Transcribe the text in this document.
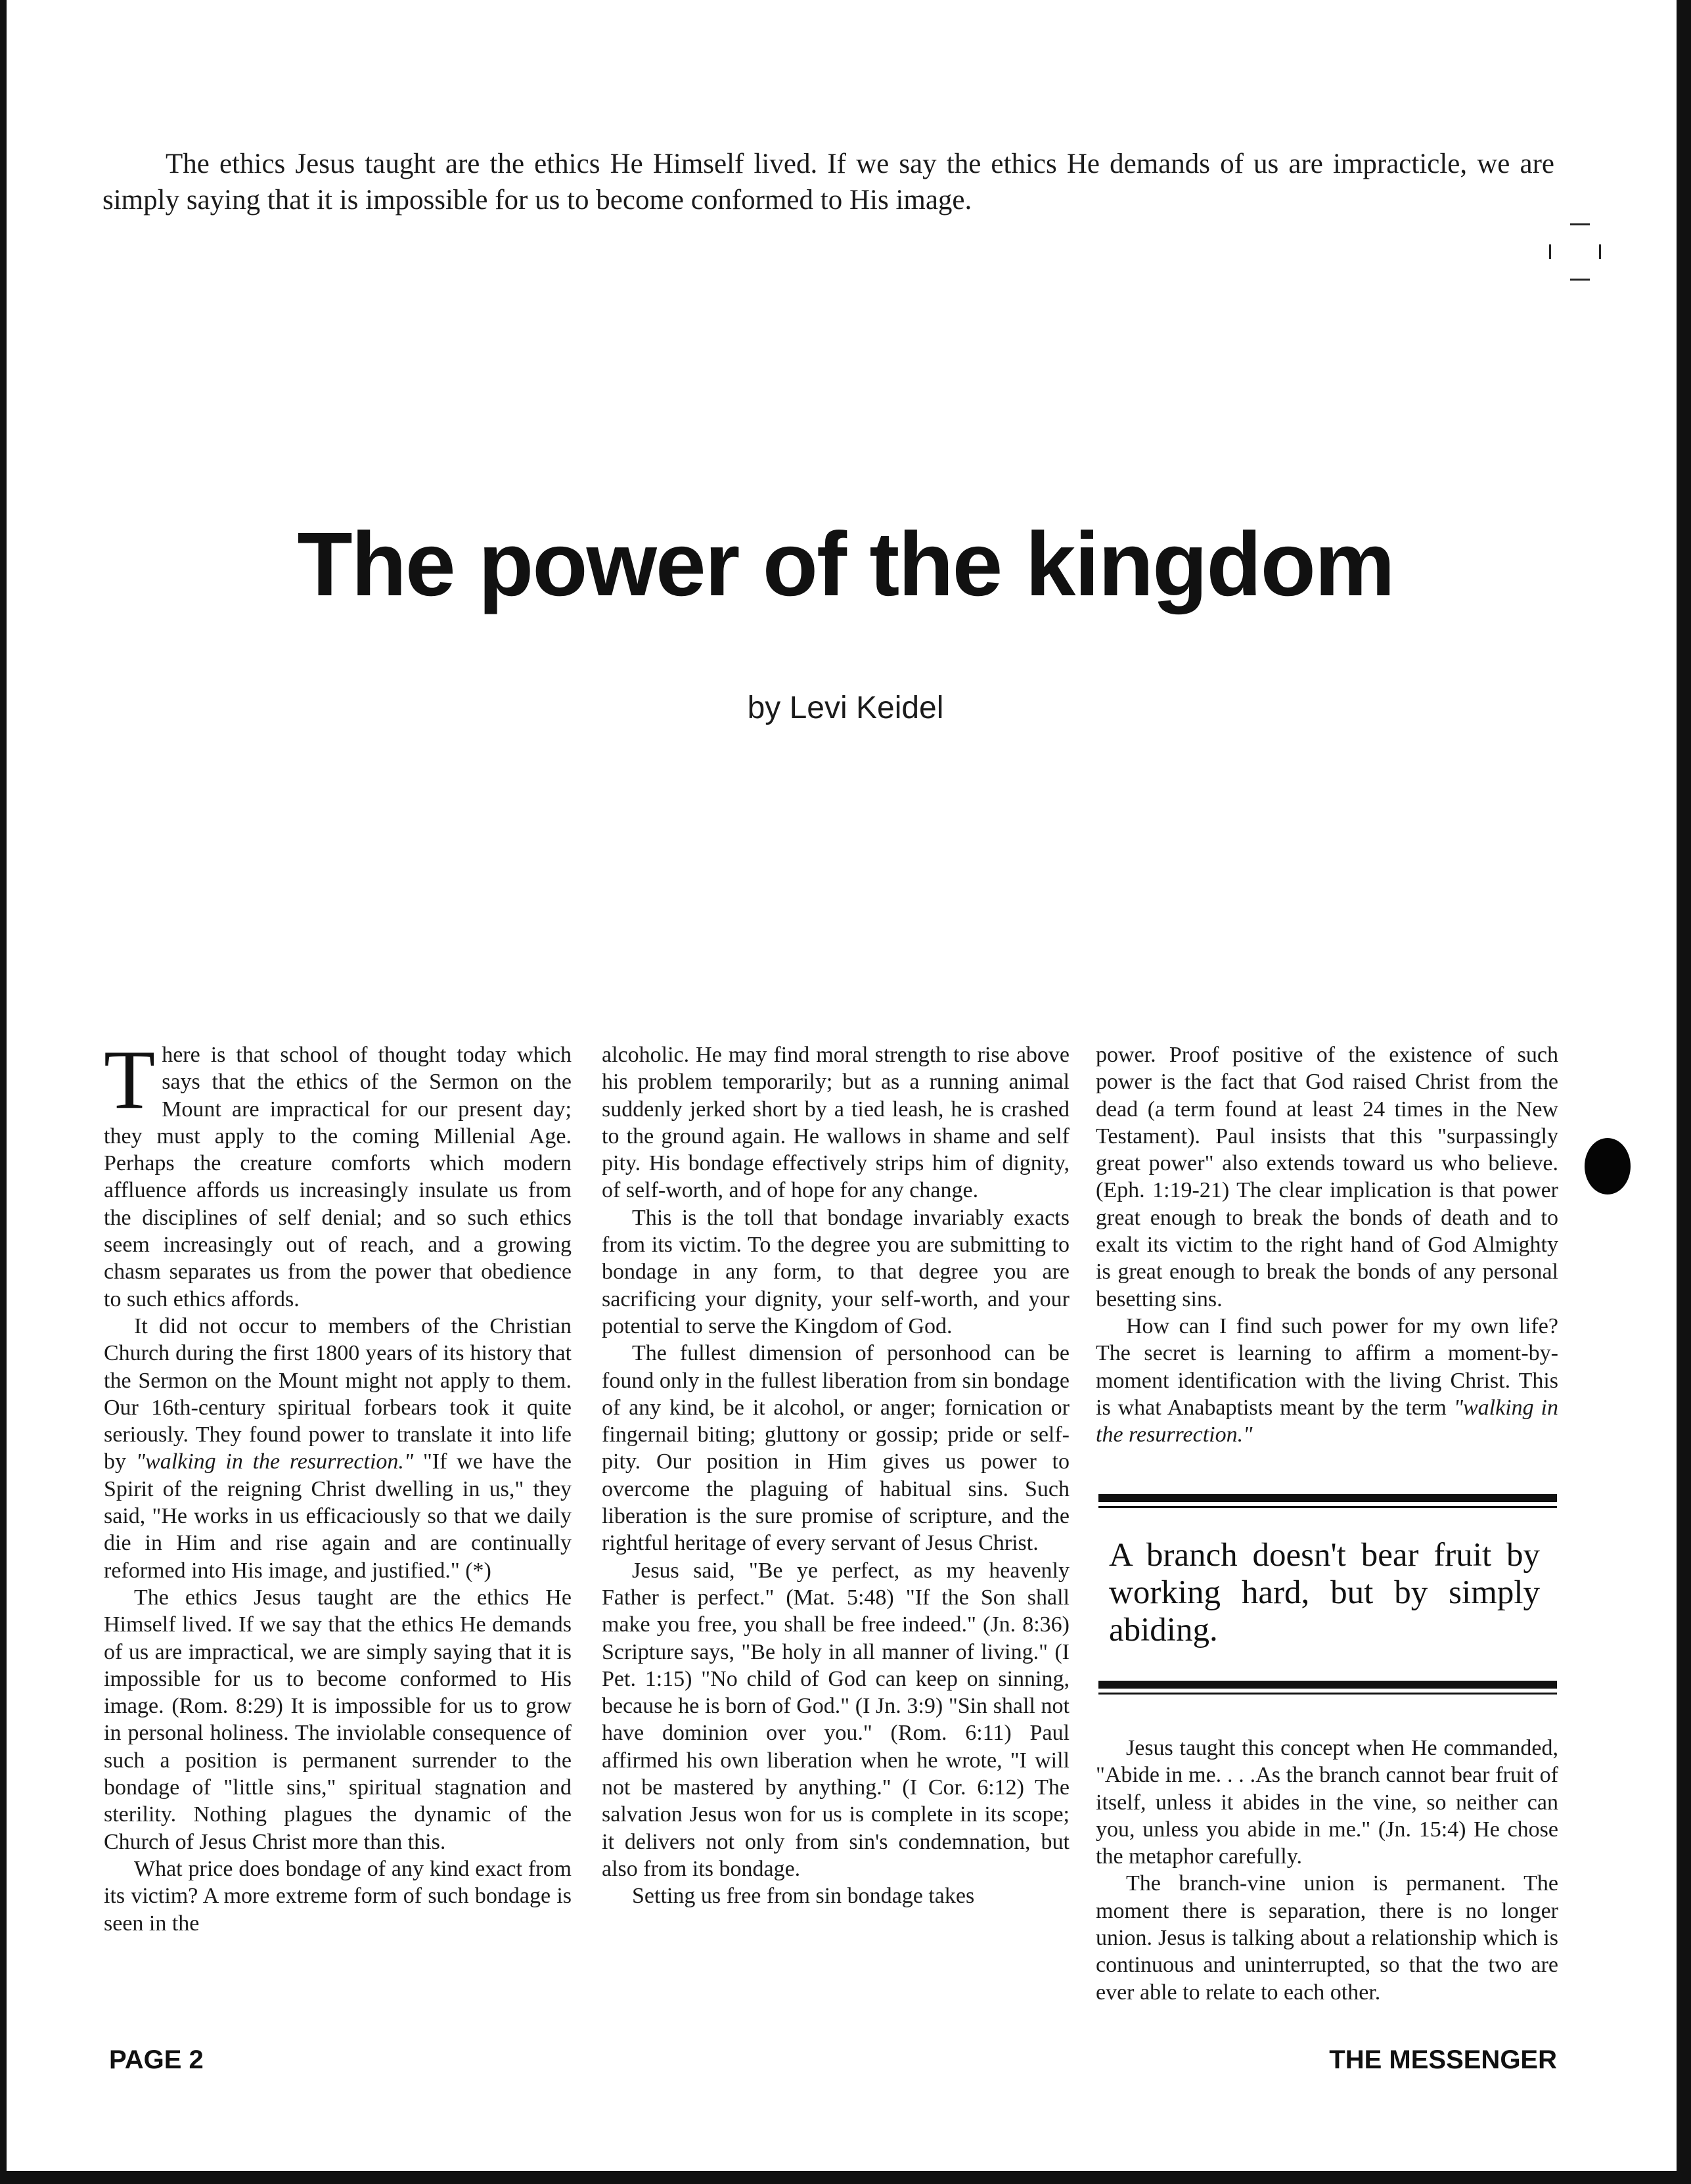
The ethics Jesus taught are the ethics He Himself lived. If we say the ethics He demands of us are impracticle, we are simply saying that it is impossible for us to become conformed to His image.

The power of the kingdom
by Levi Keidel

There is that school of thought today which says that the ethics of the Sermon on the Mount are impractical for our present day; they must apply to the coming Millenial Age. Perhaps the creature comforts which modern affluence affords us increasingly insulate us from the disciplines of self denial; and so such ethics seem increasingly out of reach, and a growing chasm separates us from the power that obedience to such ethics affords.

It did not occur to members of the Christian Church during the first 1800 years of its history that the Sermon on the Mount might not apply to them. Our 16th-century spiritual forbears took it quite seriously. They found power to translate it into life by "walking in the resurrection." "If we have the Spirit of the reigning Christ dwelling in us," they said, "He works in us efficaciously so that we daily die in Him and rise again and are continually reformed into His image, and justified." (*)

The ethics Jesus taught are the ethics He Himself lived. If we say that the ethics He demands of us are impractical, we are simply saying that it is impossible for us to become conformed to His image. (Rom. 8:29) It is impossible for us to grow in personal holiness. The inviolable consequence of such a position is permanent surrender to the bondage of "little sins," spiritual stagnation and sterility. Nothing plagues the dynamic of the Church of Jesus Christ more than this.

What price does bondage of any kind exact from its victim? A more extreme form of such bondage is seen in the

alcoholic. He may find moral strength to rise above his problem temporarily; but as a running animal suddenly jerked short by a tied leash, he is crashed to the ground again. He wallows in shame and self pity. His bondage effectively strips him of dignity, of self-worth, and of hope for any change.

This is the toll that bondage invariably exacts from its victim. To the degree you are submitting to bondage in any form, to that degree you are sacrificing your dignity, your self-worth, and your potential to serve the Kingdom of God.

The fullest dimension of personhood can be found only in the fullest liberation from sin bondage of any kind, be it alcohol, or anger; fornication or fingernail biting; gluttony or gossip; pride or self-pity. Our position in Him gives us power to overcome the plaguing of habitual sins. Such liberation is the sure promise of scripture, and the rightful heritage of every servant of Jesus Christ.

Jesus said, "Be ye perfect, as my heavenly Father is perfect." (Mat. 5:48) "If the Son shall make you free, you shall be free indeed." (Jn. 8:36) Scripture says, "Be holy in all manner of living." (I Pet. 1:15) "No child of God can keep on sinning, because he is born of God." (I Jn. 3:9) "Sin shall not have dominion over you." (Rom. 6:11) Paul affirmed his own liberation when he wrote, "I will not be mastered by anything." (I Cor. 6:12) The salvation Jesus won for us is complete in its scope; it delivers not only from sin's condemnation, but also from its bondage.

Setting us free from sin bondage takes

power. Proof positive of the existence of such power is the fact that God raised Christ from the dead (a term found at least 24 times in the New Testament). Paul insists that this "surpassingly great power" also extends toward us who believe. (Eph. 1:19-21) The clear implication is that power great enough to break the bonds of death and to exalt its victim to the right hand of God Almighty is great enough to break the bonds of any personal besetting sins.

How can I find such power for my own life? The secret is learning to affirm a moment-by-moment identification with the living Christ. This is what Anabaptists meant by the term "walking in the resurrection."

A branch doesn't bear fruit by working hard, but by simply abiding.

Jesus taught this concept when He commanded, "Abide in me. . . .As the branch cannot bear fruit of itself, unless it abides in the vine, so neither can you, unless you abide in me." (Jn. 15:4) He chose the metaphor carefully.

The branch-vine union is permanent. The moment there is separation, there is no longer union. Jesus is talking about a relationship which is continuous and uninterrupted, so that the two are ever able to relate to each other.

PAGE 2	THE MESSENGER
